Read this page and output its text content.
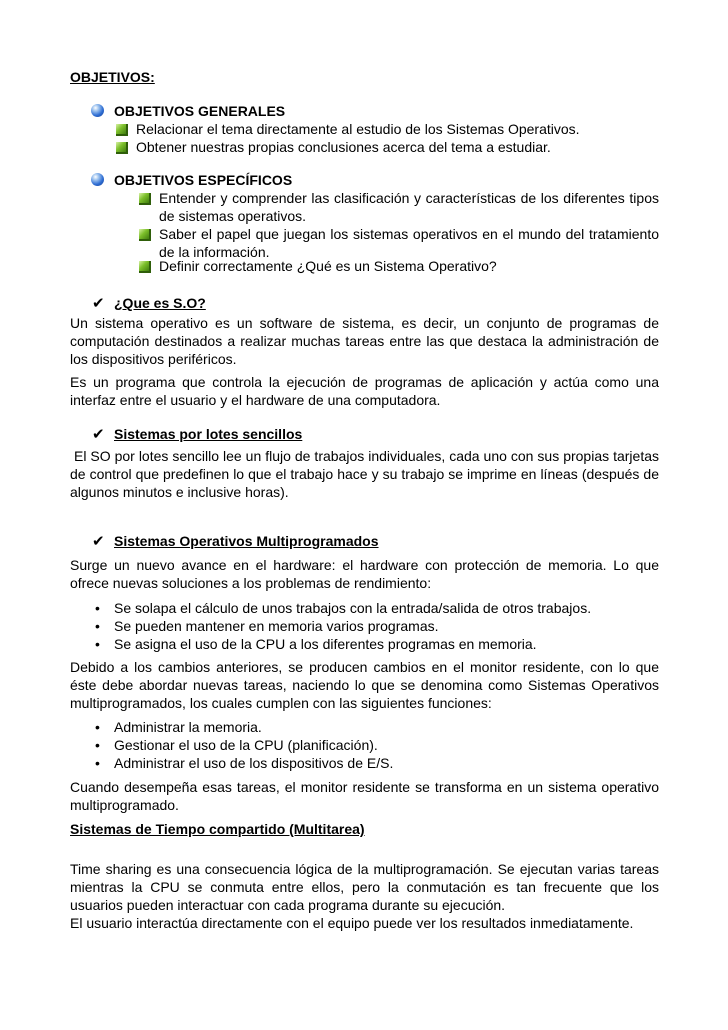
OBJETIVOS:
OBJETIVOS GENERALES
Relacionar el tema directamente al estudio de los Sistemas Operativos.
Obtener nuestras propias conclusiones acerca del tema a estudiar.
OBJETIVOS ESPECÍFICOS
Entender y comprender las clasificación y características de los diferentes tipos de sistemas operativos.
Saber el papel que juegan los sistemas operativos en el mundo del tratamiento de la información.
Definir correctamente ¿Qué es un Sistema Operativo?
✔ ¿Que es S.O?
Un sistema operativo es un software de sistema, es decir, un conjunto de programas de computación destinados a realizar muchas tareas entre las que destaca la administración de los dispositivos periféricos.
Es un programa que controla la ejecución de programas de aplicación y actúa como una interfaz entre el usuario y el hardware de una computadora.
✔ Sistemas por lotes sencillos
El SO por lotes sencillo lee un flujo de trabajos individuales, cada uno con sus propias tarjetas de control que predefinen lo que el trabajo hace y su trabajo se imprime en líneas (después de algunos minutos e inclusive horas).
✔ Sistemas Operativos Multiprogramados
Surge un nuevo avance en el hardware: el hardware con protección de memoria. Lo que ofrece nuevas soluciones a los problemas de rendimiento:
• Se solapa el cálculo de unos trabajos con la entrada/salida de otros trabajos.
• Se pueden mantener en memoria varios programas.
• Se asigna el uso de la CPU a los diferentes programas en memoria.
Debido a los cambios anteriores, se producen cambios en el monitor residente, con lo que éste debe abordar nuevas tareas, naciendo lo que se denomina como Sistemas Operativos multiprogramados, los cuales cumplen con las siguientes funciones:
• Administrar la memoria.
• Gestionar el uso de la CPU (planificación).
• Administrar el uso de los dispositivos de E/S.
Cuando desempeña esas tareas, el monitor residente se transforma en un sistema operativo multiprogramado.
Sistemas de Tiempo compartido (Multitarea)
Time sharing es una consecuencia lógica de la multiprogramación. Se ejecutan varias tareas mientras la CPU se conmuta entre ellos, pero la conmutación es tan frecuente que los usuarios pueden interactuar con cada programa durante su ejecución.
El usuario interactúa directamente con el equipo puede ver los resultados inmediatamente.
